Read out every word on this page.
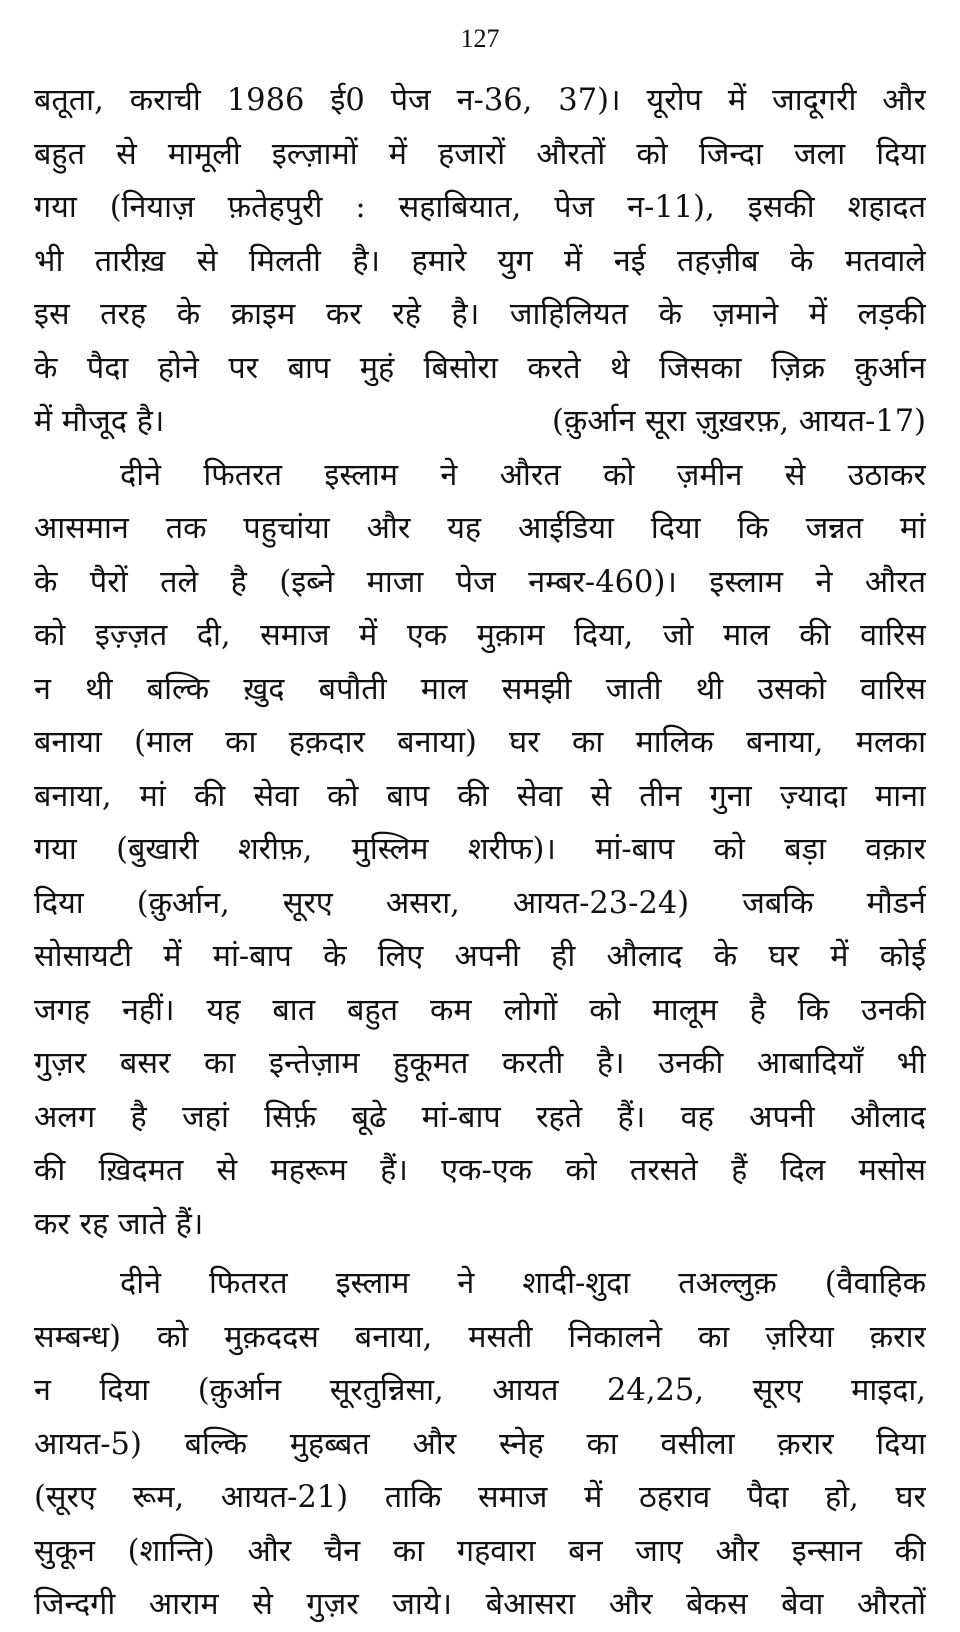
127
बतूता, कराची 1986 ई0 पेज न-36, 37)। यूरोप में जादूगरी और
बहुत से मामूली इल्ज़ामों में हजारों औरतों को जिन्दा जला दिया
गया (नियाज़ फ़तेहपुरी : सहाबियात, पेज न-11), इसकी शहादत
भी तारीख़ से मिलती है। हमारे युग में नई तहज़ीब के मतवाले
इस तरह के क्राइम कर रहे है। जाहिलियत के ज़माने में लड़की
के पैदा होने पर बाप मुहं बिसोरा करते थे जिसका ज़िक्र क़ुर्आन
में मौजूद है।	(क़ुर्आन सूरा ज़ुख़रफ़, आयत-17)
दीने फितरत इस्लाम ने औरत को ज़मीन से उठाकर
आसमान तक पहुचांया और यह आईडिया दिया कि जन्नत मां
के पैरों तले है (इब्ने माजा पेज नम्बर-460)। इस्लाम ने औरत
को इज़्ज़त दी, समाज में एक मुक़ाम दिया, जो माल की वारिस
न थी बल्कि ख़ुद बपौती माल समझी जाती थी उसको वारिस
बनाया (माल का हक़दार बनाया) घर का मालिक बनाया, मलका
बनाया, मां की सेवा को बाप की सेवा से तीन गुना ज़्यादा माना
गया (बुखारी शरीफ़, मुस्लिम शरीफ)। मां-बाप को बड़ा वक़ार
दिया (क़ुर्आन, सूरए असरा, आयत-23-24) जबकि मौडर्न
सोसायटी में मां-बाप के लिए अपनी ही औलाद के घर में कोई
जगह नहीं। यह बात बहुत कम लोगों को मालूम है कि उनकी
गुज़र बसर का इन्तेज़ाम हुकूमत करती है। उनकी आबादियाँ भी
अलग है जहां सिर्फ़ बूढे मां-बाप रहते हैं। वह अपनी औलाद
की ख़िदमत से महरूम हैं। एक-एक को तरसते हैं दिल मसोस
कर रह जाते हैं।
दीने फितरत इस्लाम ने शादी-शुदा तअल्लुक़ (वैवाहिक
सम्बन्ध) को मुक़ददस बनाया, मसती निकालने का ज़रिया क़रार
न दिया (क़ुर्आन सूरतुन्निसा, आयत 24,25, सूरए माइदा,
आयत-5) बल्कि मुहब्बत और स्नेह का वसीला क़रार दिया
(सूरए रूम, आयत-21) ताकि समाज में ठहराव पैदा हो, घर
सुकून (शान्ति) और चैन का गहवारा बन जाए और इन्सान की
जिन्दगी आराम से गुज़र जाये। बेआसरा और बेकस बेवा औरतों
